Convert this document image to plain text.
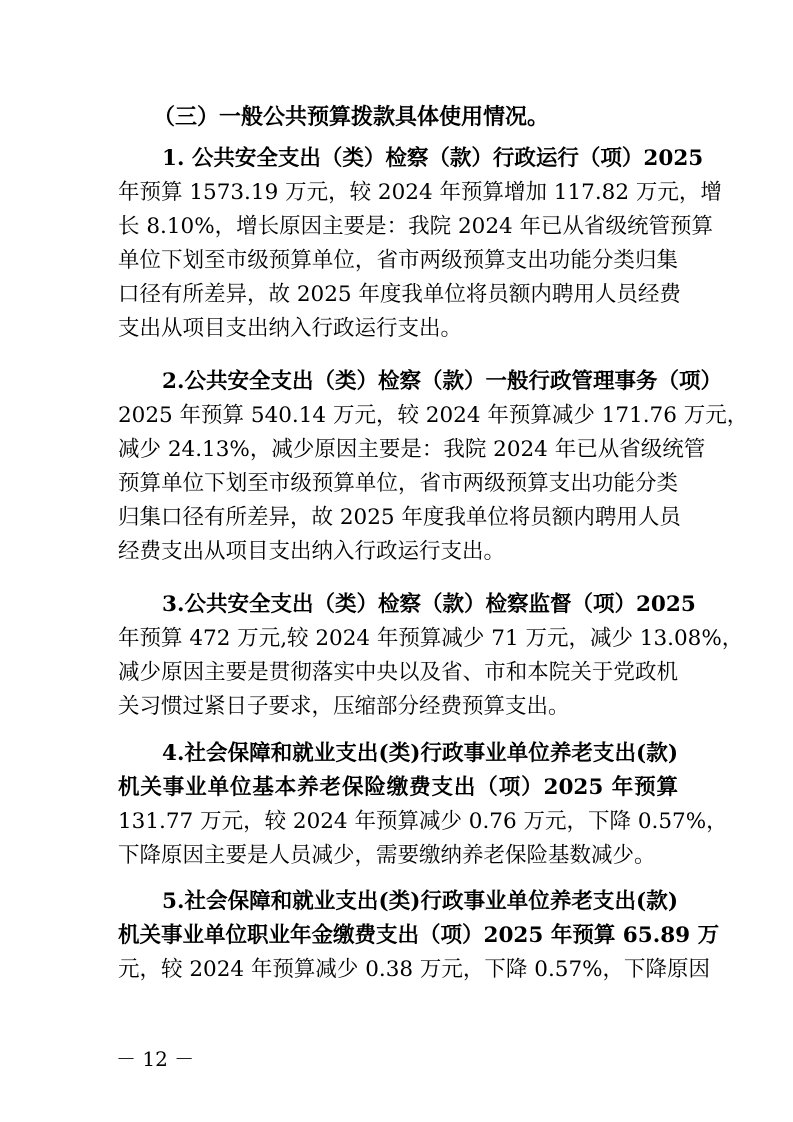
（三）一般公共预算拨款具体使用情况。
1. 公共安全支出（类）检察（款）行政运行（项）2025
年预算 1573.19 万元，较 2024 年预算增加 117.82 万元，增
长 8.10%，增长原因主要是：我院 2024 年已从省级统管预算
单位下划至市级预算单位，省市两级预算支出功能分类归集
口径有所差异，故 2025 年度我单位将员额内聘用人员经费
支出从项目支出纳入行政运行支出。
2.公共安全支出（类）检察（款）一般行政管理事务（项）
2025 年预算 540.14 万元，较 2024 年预算减少 171.76 万元，
减少 24.13%，减少原因主要是：我院 2024 年已从省级统管
预算单位下划至市级预算单位，省市两级预算支出功能分类
归集口径有所差异，故 2025 年度我单位将员额内聘用人员
经费支出从项目支出纳入行政运行支出。
3.公共安全支出（类）检察（款）检察监督（项）2025
年预算 472 万元,较 2024 年预算减少 71 万元，减少 13.08%，
减少原因主要是贯彻落实中央以及省、市和本院关于党政机
关习惯过紧日子要求，压缩部分经费预算支出。
4.社会保障和就业支出(类)行政事业单位养老支出(款)
机关事业单位基本养老保险缴费支出（项）2025 年预算
131.77 万元，较 2024 年预算减少 0.76 万元，下降 0.57%，
下降原因主要是人员减少，需要缴纳养老保险基数减少。
5.社会保障和就业支出(类)行政事业单位养老支出(款)
机关事业单位职业年金缴费支出（项）2025 年预算 65.89 万
元，较 2024 年预算减少 0.38 万元，下降 0.57%，下降原因
－ 12 －
